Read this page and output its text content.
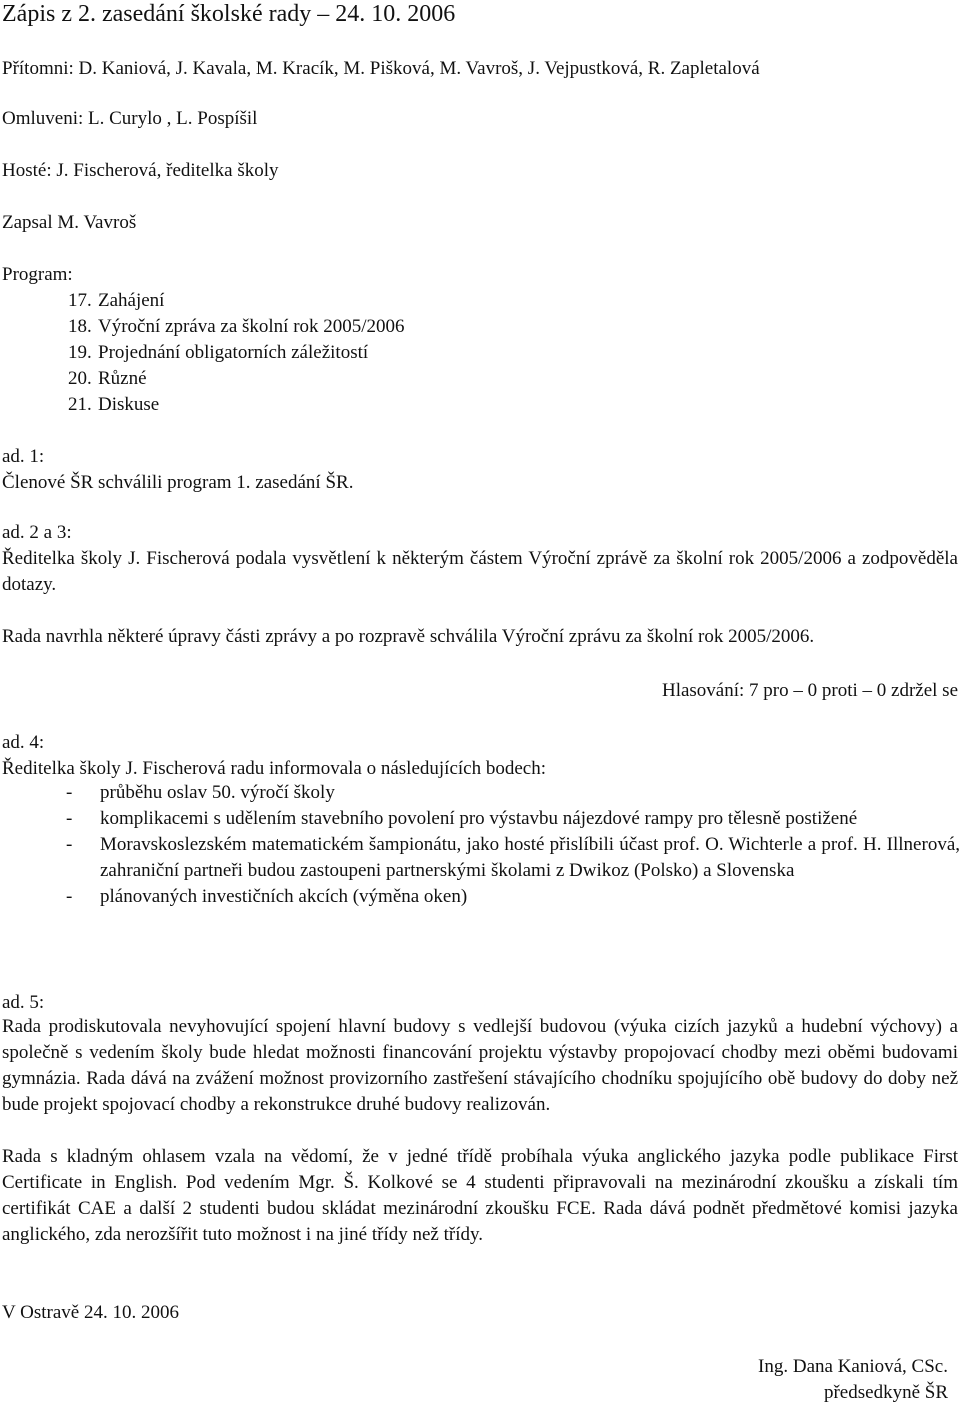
Zápis z 2. zasedání školské rady – 24. 10. 2006
Přítomni: D. Kaniová, J. Kavala, M. Kracík, M. Pišková, M. Vavroš, J. Vejpustková, R. Zapletalová
Omluveni: L. Curylo , L. Pospíšil
Hosté: J. Fischerová, ředitelka školy
Zapsal M. Vavroš
Program:
17. Zahájení
18. Výroční zpráva za školní rok 2005/2006
19. Projednání obligatorních záležitostí
20. Různé
21. Diskuse
ad. 1:
Členové ŠR schválili program 1. zasedání ŠR.
ad. 2 a 3:
Ředitelka školy J. Fischerová podala vysvětlení k některým částem Výroční zprávě za školní rok 2005/2006 a zodpověděla dotazy.
Rada navrhla některé úpravy části zprávy a po rozpravě schválila Výroční zprávu za školní rok 2005/2006.
Hlasování: 7 pro – 0 proti – 0 zdržel se
ad. 4:
Ředitelka školy J. Fischerová radu informovala o následujících bodech:
- průběhu oslav 50. výročí školy
- komplikacemi s udělením stavebního povolení pro výstavbu nájezdové rampy pro tělesně postižené
- Moravskoslezském matematickém šampionátu, jako hosté přislíbili účast prof. O. Wichterle a prof. H. Illnerová, zahraniční partneři budou zastoupeni partnerskými školami z Dwikoz (Polsko) a Slovenska
- plánovaných investičních akcích (výměna oken)
ad. 5:
Rada prodiskutovala nevyhovující spojení hlavní budovy s vedlejší budovou (výuka cizích jazyků a hudební výchovy) a společně s vedením školy bude hledat možnosti financování projektu výstavby propojovací chodby mezi oběmi budovami gymnázia. Rada dává na zvážení možnost provizorního zastřešení stávajícího chodníku spojujícího obě budovy do doby než bude projekt spojovací chodby a rekonstrukce druhé budovy realizován.
Rada s kladným ohlasem vzala na vědomí, že v jedné třídě probíhala výuka anglického jazyka podle publikace First Certificate in English. Pod vedením Mgr. Š. Kolkové se 4 studenti připravovali na mezinárodní zkoušku a získali tím certifikát CAE a další 2 studenti budou skládat mezinárodní zkoušku FCE. Rada dává podnět předmětové komisi jazyka anglického, zda nerozšířit tuto možnost i na jiné třídy než třídy.
V Ostravě 24. 10. 2006
Ing. Dana Kaniová, CSc.
předsedkyně ŠR
